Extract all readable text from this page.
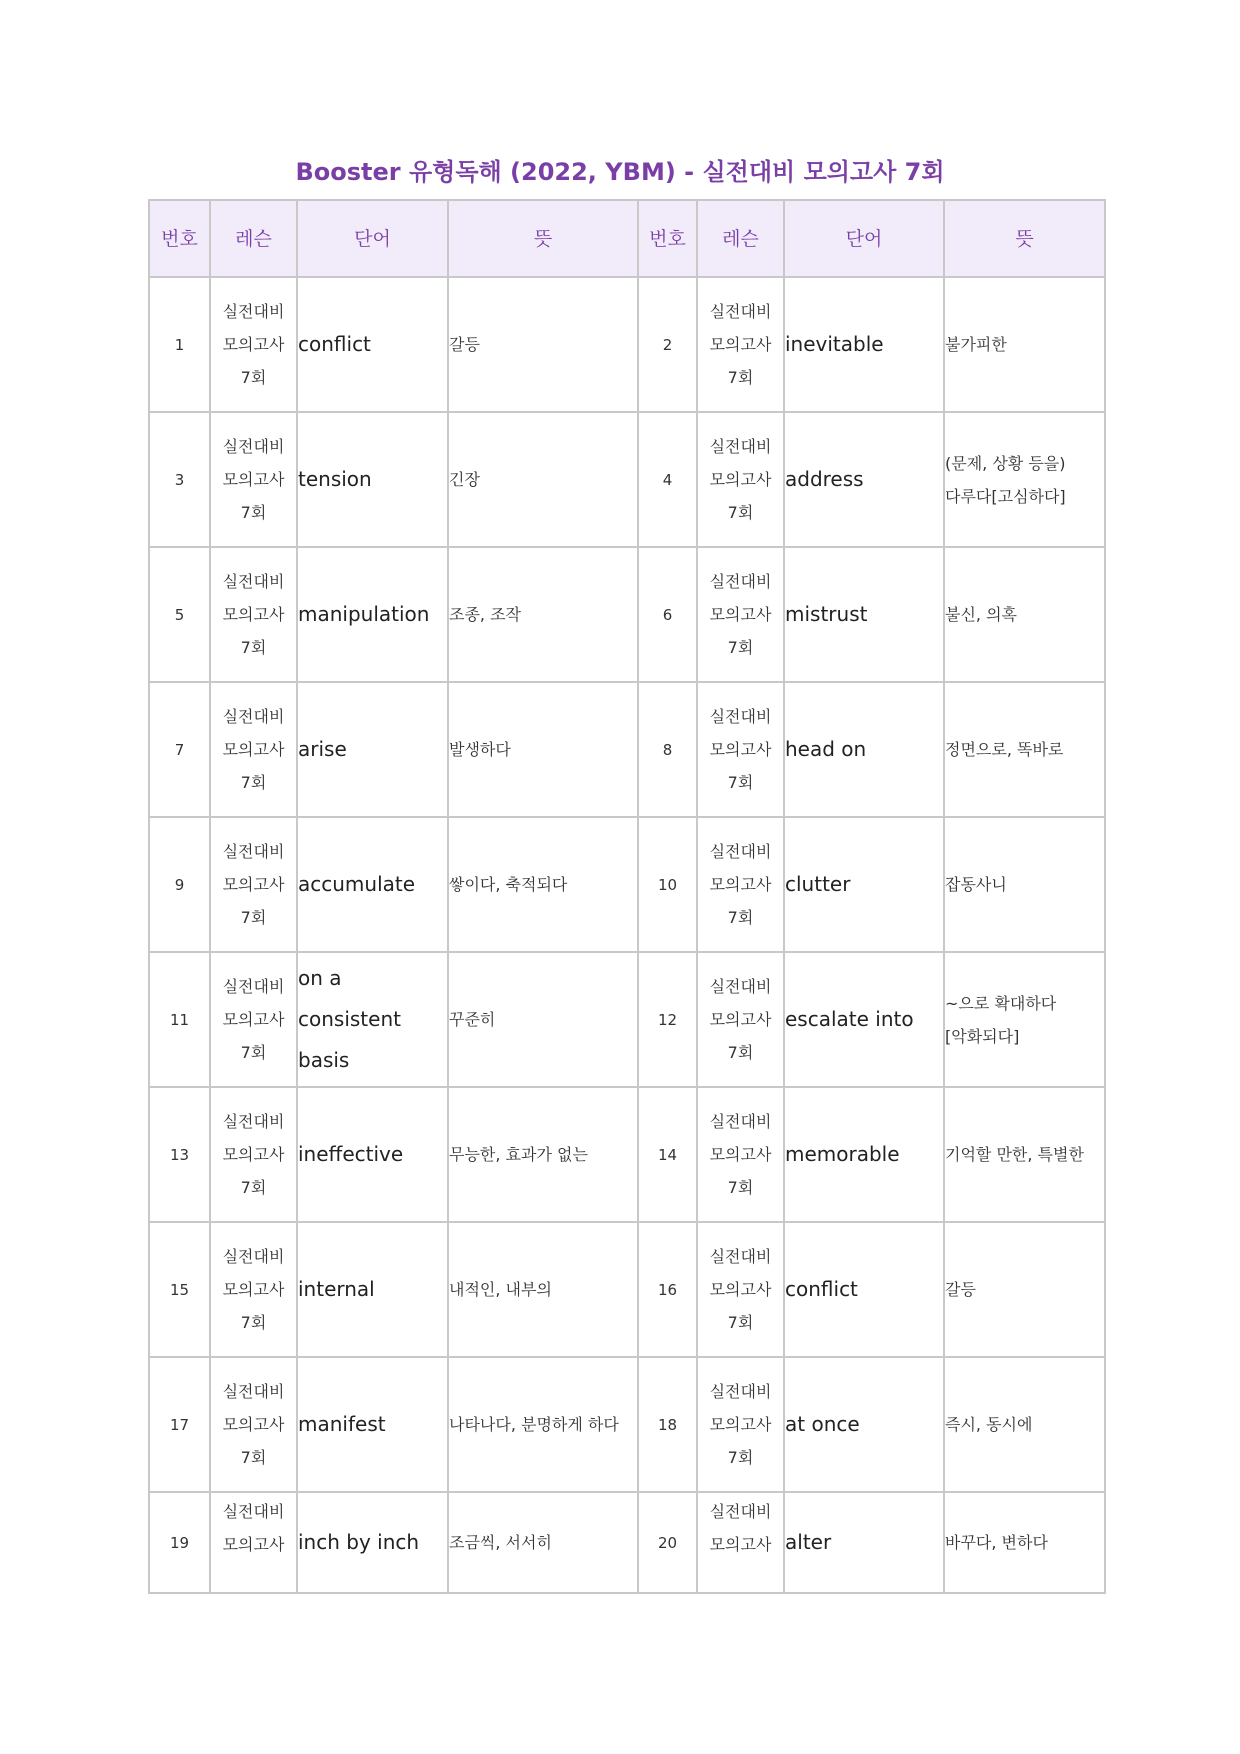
Booster 유형독해 (2022, YBM) - 실전대비 모의고사 7회
번호	레슨	단어	뜻	번호	레슨	단어	뜻
1	실전대비 모의고사 7회	conflict	갈등	2	실전대비 모의고사 7회	inevitable	불가피한
3	실전대비 모의고사 7회	tension	긴장	4	실전대비 모의고사 7회	address	(문제, 상황 등을) 다루다[고심하다]
5	실전대비 모의고사 7회	manipulation	조종, 조작	6	실전대비 모의고사 7회	mistrust	불신, 의혹
7	실전대비 모의고사 7회	arise	발생하다	8	실전대비 모의고사 7회	head on	정면으로, 똑바로
9	실전대비 모의고사 7회	accumulate	쌓이다, 축적되다	10	실전대비 모의고사 7회	clutter	잡동사니
11	실전대비 모의고사 7회	on a consistent basis	꾸준히	12	실전대비 모의고사 7회	escalate into	~으로 확대하다[악화되다]
13	실전대비 모의고사 7회	ineffective	무능한, 효과가 없는	14	실전대비 모의고사 7회	memorable	기억할 만한, 특별한
15	실전대비 모의고사 7회	internal	내적인, 내부의	16	실전대비 모의고사 7회	conflict	갈등
17	실전대비 모의고사 7회	manifest	나타나다, 분명하게 하다	18	실전대비 모의고사 7회	at once	즉시, 동시에
19	실전대비 모의고사	inch by inch	조금씩, 서서히	20	실전대비 모의고사	alter	바꾸다, 변하다
